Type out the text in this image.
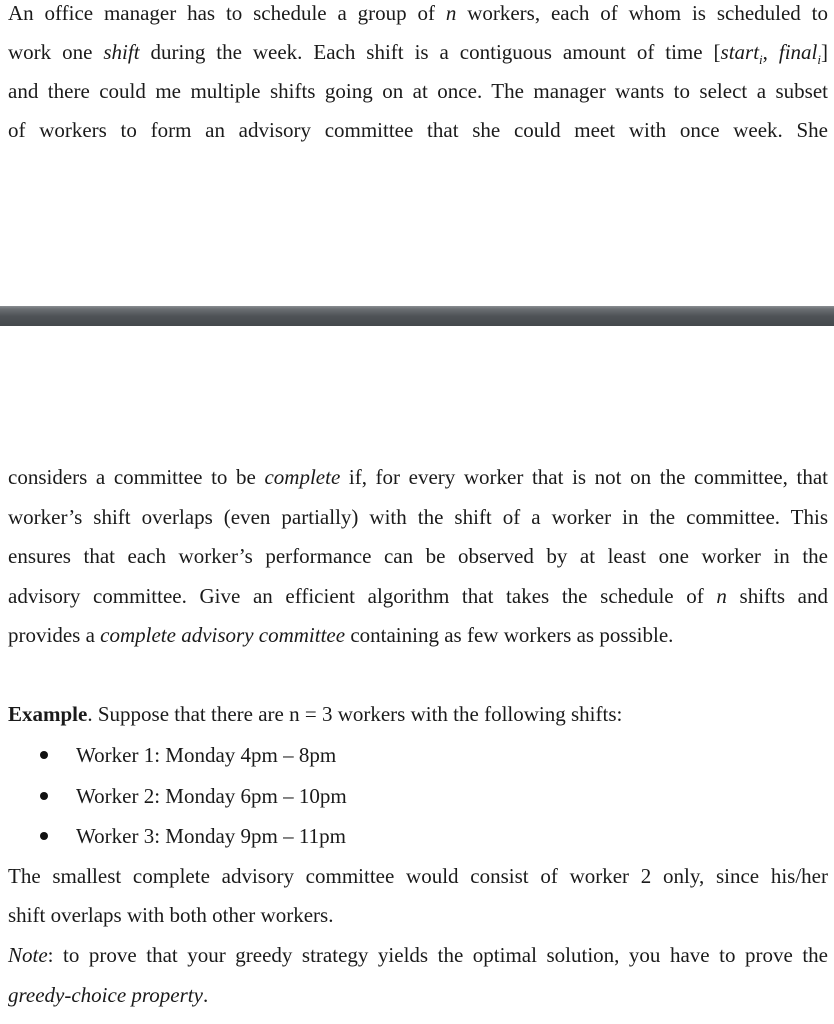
An office manager has to schedule a group of n workers, each of whom is scheduled to
work one shift during the week. Each shift is a contiguous amount of time [start$_i$, final$_i$]
and there could me multiple shifts going on at once. The manager wants to select a subset
of workers to form an advisory committee that she could meet with once week. She
considers a committee to be complete if, for every worker that is not on the committee, that
worker’s shift overlaps (even partially) with the shift of a worker in the committee. This
ensures that each worker’s performance can be observed by at least one worker in the
advisory committee. Give an efficient algorithm that takes the schedule of n shifts and
provides a complete advisory committee containing as few workers as possible.
Example. Suppose that there are n = 3 workers with the following shifts:
Worker 1: Monday 4pm – 8pm
Worker 2: Monday 6pm – 10pm
Worker 3: Monday 9pm – 11pm
The smallest complete advisory committee would consist of worker 2 only, since his/her
shift overlaps with both other workers.
Note: to prove that your greedy strategy yields the optimal solution, you have to prove the
greedy-choice property.
